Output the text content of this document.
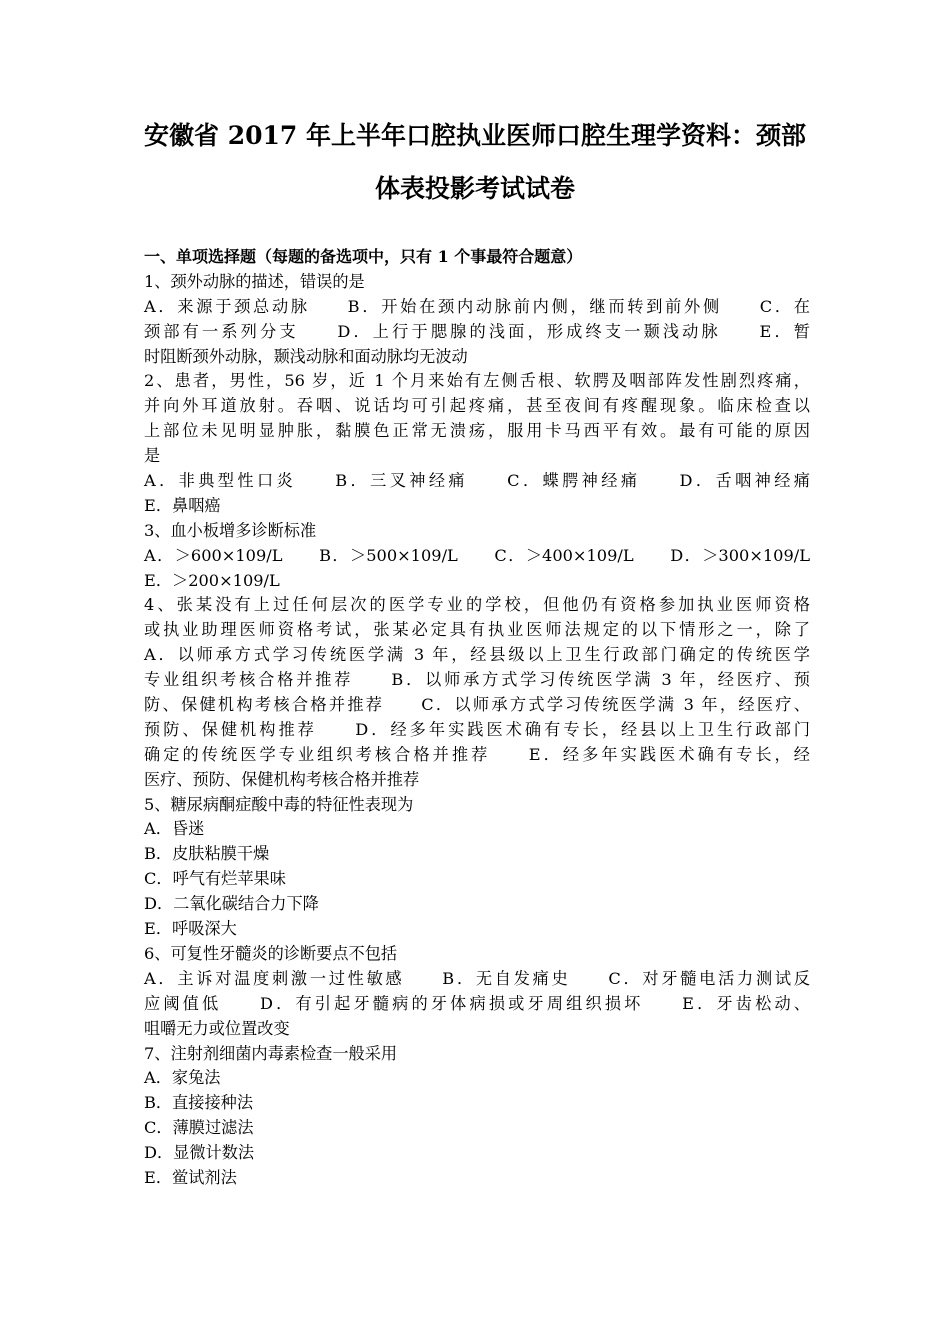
安徽省 2017 年上半年口腔执业医师口腔生理学资料：颈部
体表投影考试试卷
一、单项选择题（每题的备选项中，只有 1 个事最符合题意）
1、颈外动脉的描述，错误的是
A．来源于颈总动脉　　B．开始在颈内动脉前内侧，继而转到前外侧　　C．在
颈部有一系列分支　　D．上行于腮腺的浅面，形成终支一颞浅动脉　　E．暂
时阻断颈外动脉，颞浅动脉和面动脉均无波动
2、患者，男性，56 岁，近 1 个月来始有左侧舌根、软腭及咽部阵发性剧烈疼痛，
并向外耳道放射。吞咽、说话均可引起疼痛，甚至夜间有疼醒现象。临床检查以
上部位未见明显肿胀，黏膜色正常无溃疡，服用卡马西平有效。最有可能的原因
是
A．非典型性口炎　　B．三叉神经痛　　C．蝶腭神经痛　　D．舌咽神经痛
E．鼻咽癌
3、血小板增多诊断标准
A．＞600×109/L　　B．＞500×109/L　　C．＞400×109/L　　D．＞300×109/L
E．＞200×109/L
4、张某没有上过任何层次的医学专业的学校，但他仍有资格参加执业医师资格
或执业助理医师资格考试，张某必定具有执业医师法规定的以下情形之一，除了
A．以师承方式学习传统医学满 3 年，经县级以上卫生行政部门确定的传统医学
专业组织考核合格并推荐　　B．以师承方式学习传统医学满 3 年，经医疗、预
防、保健机构考核合格并推荐　　C．以师承方式学习传统医学满 3 年，经医疗、
预防、保健机构推荐　　D．经多年实践医术确有专长，经县以上卫生行政部门
确定的传统医学专业组织考核合格并推荐　　E．经多年实践医术确有专长，经
医疗、预防、保健机构考核合格并推荐
5、糖尿病酮症酸中毒的特征性表现为
A．昏迷
B．皮肤粘膜干燥
C．呼气有烂苹果味
D．二氧化碳结合力下降
E．呼吸深大
6、可复性牙髓炎的诊断要点不包括
A．主诉对温度刺激一过性敏感　　B．无自发痛史　　C．对牙髓电活力测试反
应阈值低　　D．有引起牙髓病的牙体病损或牙周组织损坏　　E．牙齿松动、
咀嚼无力或位置改变
7、注射剂细菌内毒素检查一般采用
A．家兔法
B．直接接种法
C．薄膜过滤法
D．显微计数法
E．鲎试剂法
